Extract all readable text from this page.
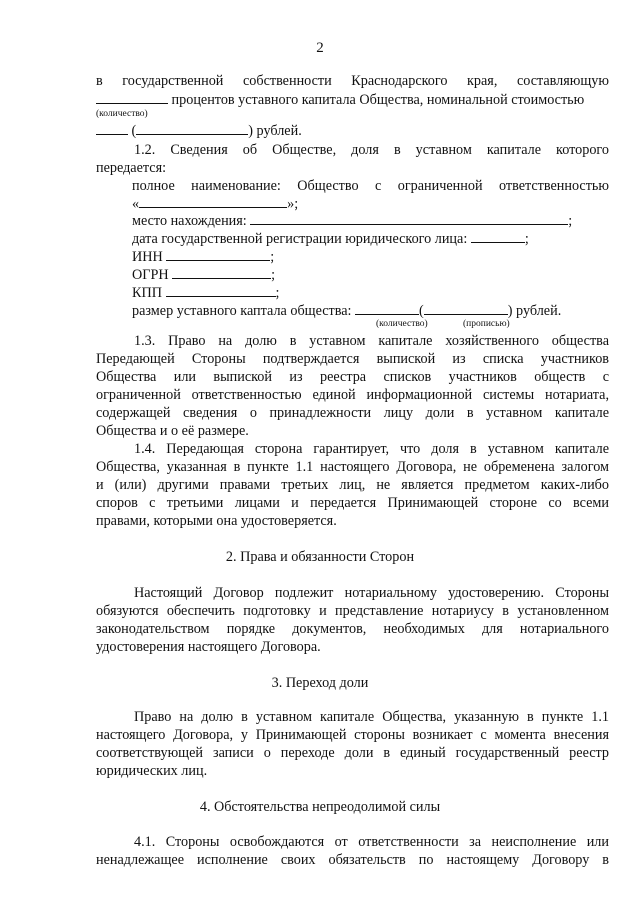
2
в государственной собственности Краснодарского края, составляющую
процентов уставного капитала Общества, номинальной стоимостью
(количество)
(	) рублей.
1.2. Сведения об Обществе, доля в уставном капитале которого
передается:
полное наименование: Общество с ограниченной ответственностью
«	»;
место нахождения:	;
дата государственной регистрации юридического лица:	;
ИНН	;
ОГРН	;
КПП	;
размер уставного каптала общества:	(	) рублей.
(количество)	(прописью)
1.3. Право на долю в уставном капитале хозяйственного общества
Передающей Стороны подтверждается выпиской из списка участников
Общества или выпиской из реестра списков участников обществ с
ограниченной ответственностью единой информационной системы нотариата,
содержащей сведения о принадлежности лицу доли в уставном капитале
Общества и о её размере.
1.4. Передающая сторона гарантирует, что доля в уставном капитале
Общества, указанная в пункте 1.1 настоящего Договора, не обременена залогом
и (или) другими правами третьих лиц, не является предметом каких-либо
споров с третьими лицами и передается Принимающей стороне со всеми
правами, которыми она удостоверяется.
2. Права и обязанности Сторон
Настоящий Договор подлежит нотариальному удостоверению. Стороны
обязуются обеспечить подготовку и представление нотариусу в установленном
законодательством порядке документов, необходимых для нотариального
удостоверения настоящего Договора.
3. Переход доли
Право на долю в уставном капитале Общества, указанную в пункте 1.1
настоящего Договора, у Принимающей стороны возникает с момента внесения
соответствующей записи о переходе доли в единый государственный реестр
юридических лиц.
4. Обстоятельства непреодолимой силы
4.1. Стороны освобождаются от ответственности за неисполнение или
ненадлежащее исполнение своих обязательств по настоящему Договору в
